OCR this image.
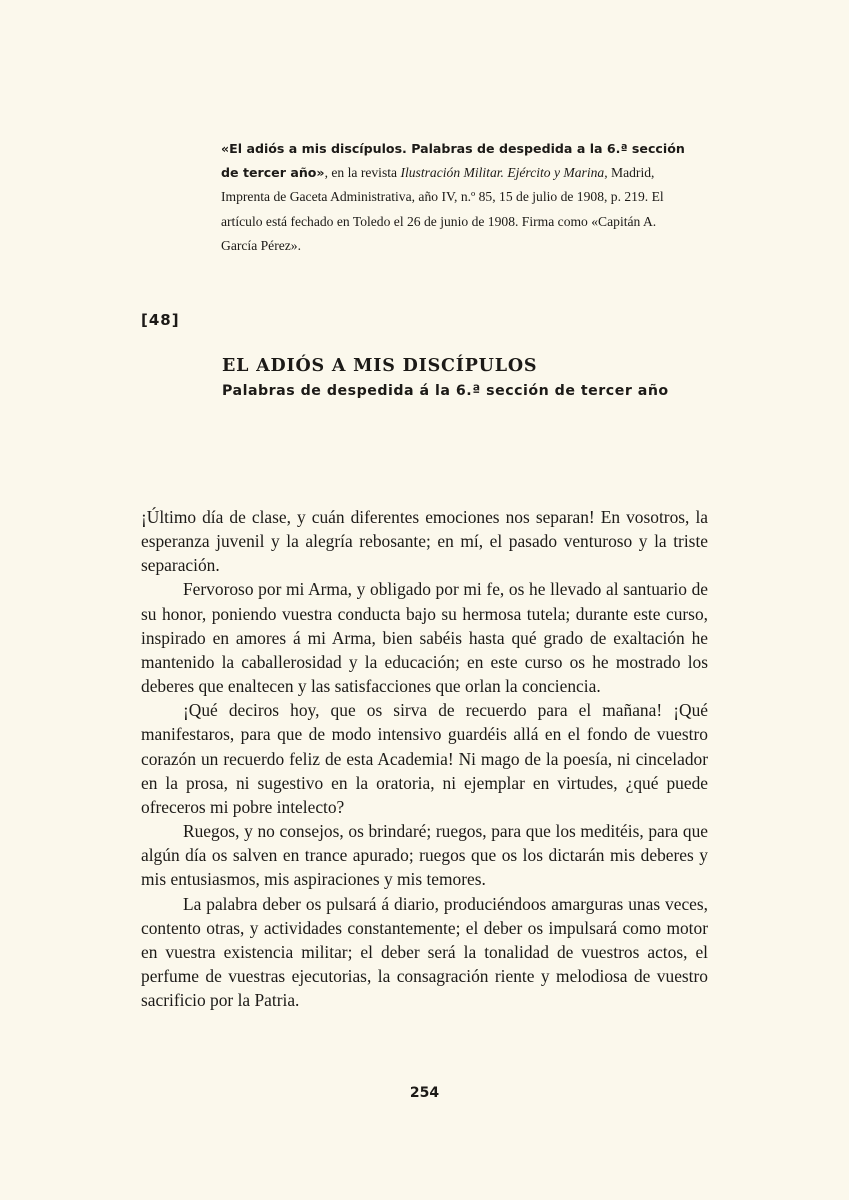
«El adiós a mis discípulos. Palabras de despedida a la 6.ª sección de tercer año», en la revista Ilustración Militar. Ejército y Marina, Madrid, Imprenta de Gaceta Administrativa, año IV, n.º 85, 15 de julio de 1908, p. 219. El artículo está fechado en Toledo el 26 de junio de 1908. Firma como «Capitán A. García Pérez».
[48]
EL ADIÓS A MIS DISCÍPULOS
Palabras de despedida á la 6.ª sección de tercer año

¡Último día de clase, y cuán diferentes emociones nos separan! En vosotros, la esperanza juvenil y la alegría rebosante; en mí, el pasado venturoso y la triste separación.

Fervoroso por mi Arma, y obligado por mi fe, os he llevado al santuario de su honor, poniendo vuestra conducta bajo su hermosa tutela; durante este curso, inspirado en amores á mi Arma, bien sabéis hasta qué grado de exaltación he mantenido la caballerosidad y la educación; en este curso os he mostrado los deberes que enaltecen y las satisfacciones que orlan la conciencia.

¡Qué deciros hoy, que os sirva de recuerdo para el mañana! ¡Qué manifestaros, para que de modo intensivo guardéis allá en el fondo de vuestro corazón un recuerdo feliz de esta Academia! Ni mago de la poesía, ni cincelador en la prosa, ni sugestivo en la oratoria, ni ejemplar en virtudes, ¿qué puede ofreceros mi pobre intelecto?

Ruegos, y no consejos, os brindaré; ruegos, para que los meditéis, para que algún día os salven en trance apurado; ruegos que os los dictarán mis deberes y mis entusiasmos, mis aspiraciones y mis temores.

La palabra deber os pulsará á diario, produciéndoos amarguras unas veces, contento otras, y actividades constantemente; el deber os impulsará como motor en vuestra existencia militar; el deber será la tonalidad de vuestros actos, el perfume de vuestras ejecutorias, la consagración riente y melodiosa de vuestro sacrificio por la Patria.

254
